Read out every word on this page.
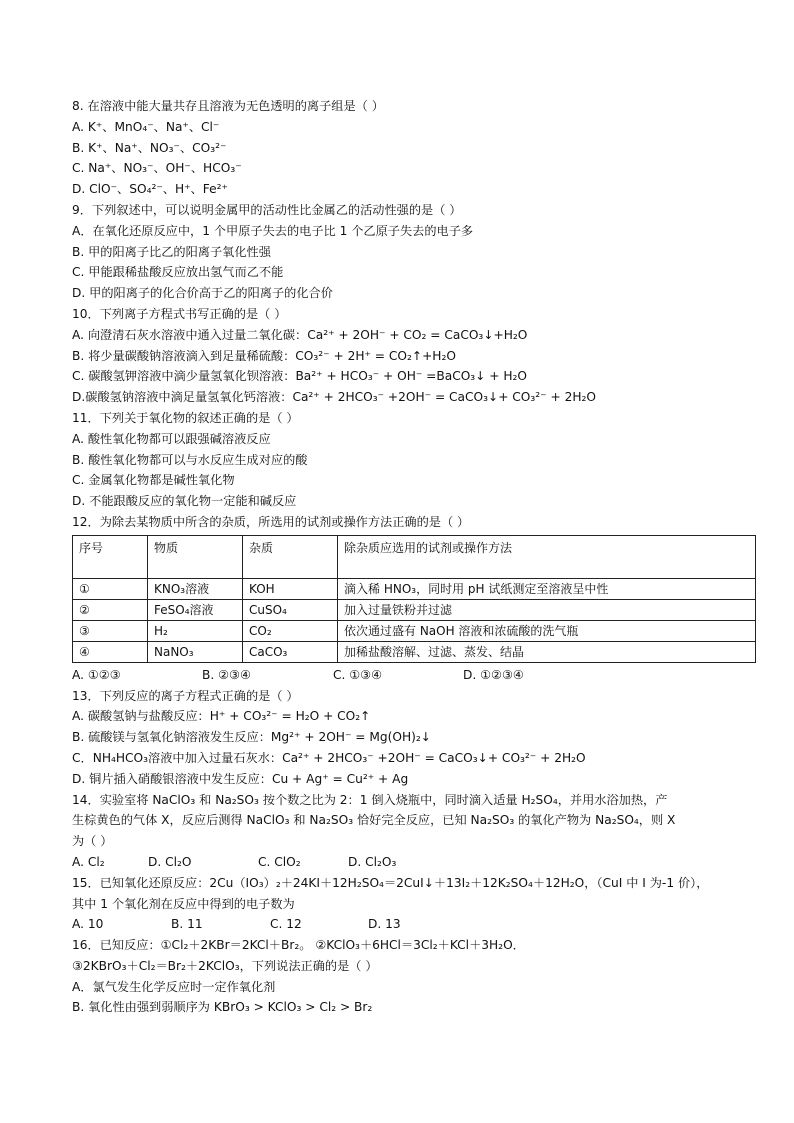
8. 在溶液中能大量共存且溶液为无色透明的离子组是（ ）
A. K⁺、MnO₄⁻、Na⁺、Cl⁻
B. K⁺、Na⁺、NO₃⁻、CO₃²⁻
C. Na⁺、NO₃⁻、OH⁻、HCO₃⁻
D. ClO⁻、SO₄²⁻、H⁺、Fe²⁺
9．下列叙述中，可以说明金属甲的活动性比金属乙的活动性强的是（ ）
A．在氧化还原反应中，1 个甲原子失去的电子比 1 个乙原子失去的电子多
B. 甲的阳离子比乙的阳离子氧化性强
C. 甲能跟稀盐酸反应放出氢气而乙不能
D. 甲的阳离子的化合价高于乙的阳离子的化合价
10．下列离子方程式书写正确的是（ ）
A. 向澄清石灰水溶液中通入过量二氧化碳：Ca²⁺ + 2OH⁻ + CO₂ = CaCO₃↓+H₂O
B. 将少量碳酸钠溶液滴入到足量稀硫酸：CO₃²⁻ + 2H⁺ = CO₂↑+H₂O
C. 碳酸氢钾溶液中滴少量氢氧化钡溶液：Ba²⁺ + HCO₃⁻ + OH⁻ =BaCO₃↓ + H₂O
D.碳酸氢钠溶液中滴足量氢氧化钙溶液：Ca²⁺ + 2HCO₃⁻ +2OH⁻ = CaCO₃↓+ CO₃²⁻ + 2H₂O
11．下列关于氧化物的叙述正确的是（ ）
A. 酸性氧化物都可以跟强碱溶液反应
B. 酸性氧化物都可以与水反应生成对应的酸
C. 金属氧化物都是碱性氧化物
D. 不能跟酸反应的氧化物一定能和碱反应
12．为除去某物质中所含的杂质，所选用的试剂或操作方法正确的是（ ）
序号	物质	杂质	除杂质应选用的试剂或操作方法
①	KNO₃溶液	KOH	滴入稀 HNO₃，同时用 pH 试纸测定至溶液呈中性
②	FeSO₄溶液	CuSO₄	加入过量铁粉并过滤
③	H₂	CO₂	依次通过盛有 NaOH 溶液和浓硫酸的洗气瓶
④	NaNO₃	CaCO₃	加稀盐酸溶解、过滤、蒸发、结晶
A. ①②③	B. ②③④	C. ①③④	D. ①②③④
13．下列反应的离子方程式正确的是（ ）
A. 碳酸氢钠与盐酸反应：H⁺ + CO₃²⁻ = H₂O + CO₂↑
B. 硫酸镁与氢氧化钠溶液发生反应：Mg²⁺ + 2OH⁻ = Mg(OH)₂↓
C．NH₄HCO₃溶液中加入过量石灰水：Ca²⁺ + 2HCO₃⁻ +2OH⁻ = CaCO₃↓+ CO₃²⁻ + 2H₂O
D. 铜片插入硝酸银溶液中发生反应：Cu + Ag⁺ = Cu²⁺ + Ag
14．实验室将 NaClO₃ 和 Na₂SO₃ 按个数之比为 2：1 倒入烧瓶中，同时滴入适量 H₂SO₄，并用水浴加热，产
生棕黄色的气体 X，反应后测得 NaClO₃ 和 Na₂SO₃ 恰好完全反应，已知 Na₂SO₃ 的氧化产物为 Na₂SO₄，则 X
为（ ）
A. Cl₂	D. Cl₂O	C. ClO₂	D. Cl₂O₃
15．已知氧化还原反应：2Cu（IO₃）₂＋24KI＋12H₂SO₄＝2CuI↓＋13I₂＋12K₂SO₄＋12H₂O，（CuI 中 I 为-1 价），
其中 1 个氧化剂在反应中得到的电子数为
A. 10	B. 11	C. 12	D. 13
16．已知反应：①Cl₂＋2KBr＝2KCl＋Br₂。 ②KClO₃＋6HCl＝3Cl₂＋KCl＋3H₂O．
③2KBrO₃＋Cl₂＝Br₂＋2KClO₃，下列说法正确的是（ ）
A．氯气发生化学反应时一定作氧化剂
B. 氧化性由强到弱顺序为 KBrO₃ > KClO₃ > Cl₂ > Br₂
